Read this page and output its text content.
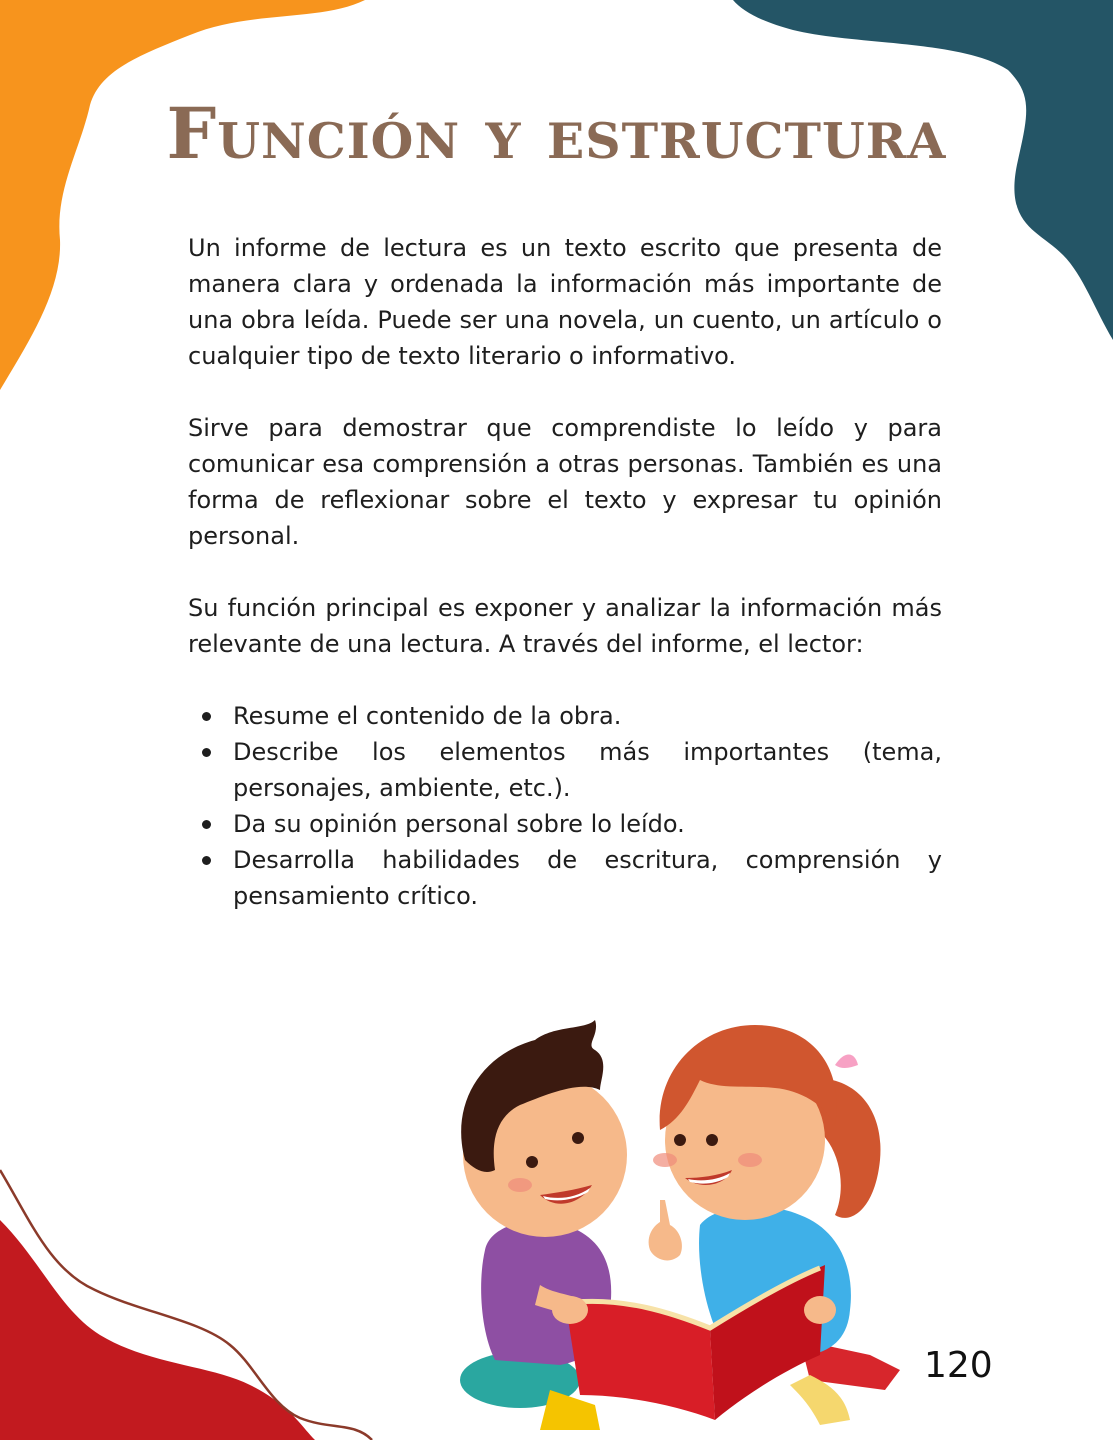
Función y estructura

Un informe de lectura es un texto escrito que presenta de manera clara y ordenada la información más importante de una obra leída. Puede ser una novela, un cuento, un artículo o cualquier tipo de texto literario o informativo.

Sirve para demostrar que comprendiste lo leído y para comunicar esa comprensión a otras personas. También es una forma de reflexionar sobre el texto y expresar tu opinión personal.

Su función principal es exponer y analizar la información más relevante de una lectura. A través del informe, el lector:

Resume el contenido de la obra.
Describe los elementos más importantes (tema, personajes, ambiente, etc.).
Da su opinión personal sobre lo leído.
Desarrolla habilidades de escritura, comprensión y pensamiento crítico.
120
